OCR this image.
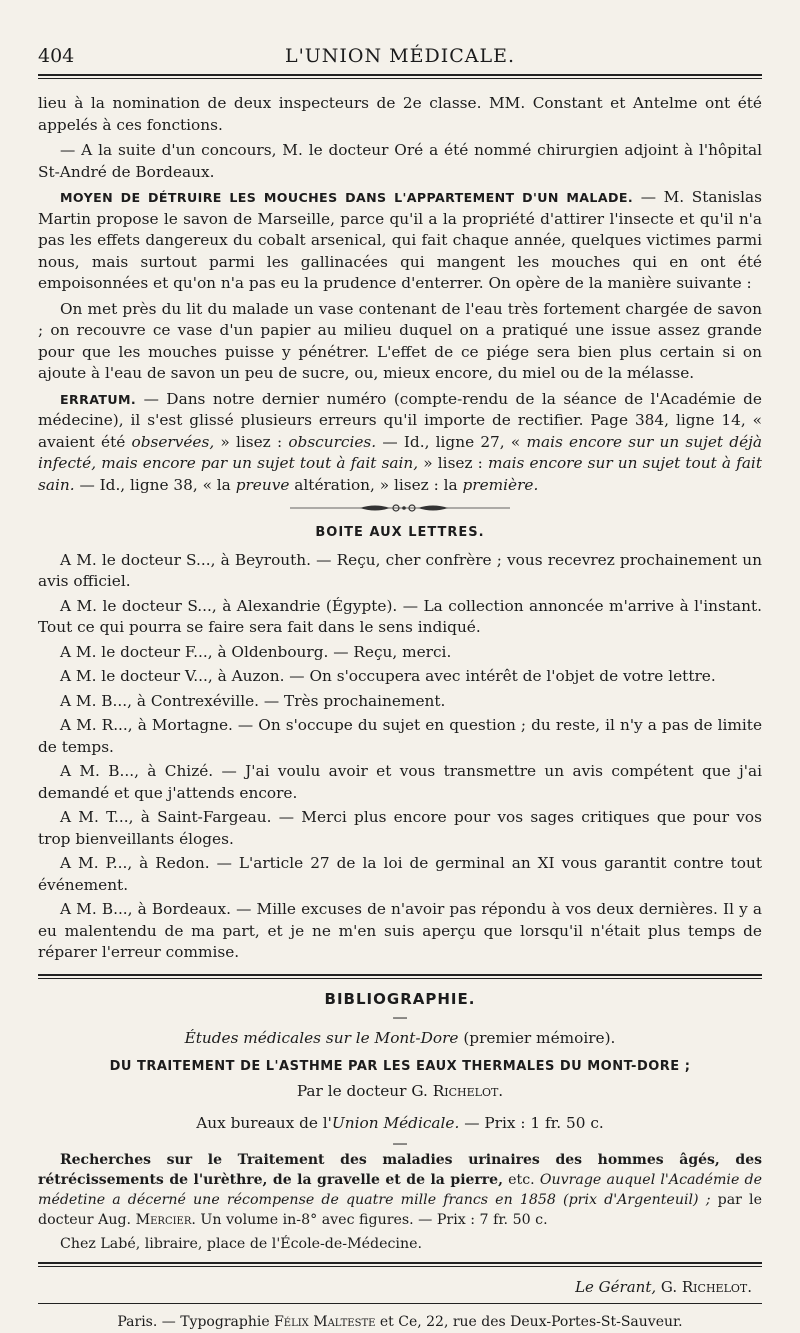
404	L'UNION MÉDICALE.

lieu à la nomination de deux inspecteurs de 2e classe. MM. Constant et Antelme ont été appelés à ces fonctions.

— A la suite d'un concours, M. le docteur Oré a été nommé chirurgien adjoint à l'hôpital St-André de Bordeaux.

MOYEN DE DÉTRUIRE LES MOUCHES DANS L'APPARTEMENT D'UN MALADE. — M. Stanislas Martin propose le savon de Marseille, parce qu'il a la propriété d'attirer l'insecte et qu'il n'a pas les effets dangereux du cobalt arsenical, qui fait chaque année, quelques victimes parmi nous, mais surtout parmi les gallinacées qui mangent les mouches qui en ont été empoisonnées et qu'on n'a pas eu la prudence d'enterrer. On opère de la manière suivante :

On met près du lit du malade un vase contenant de l'eau très fortement chargée de savon ; on recouvre ce vase d'un papier au milieu duquel on a pratiqué une issue assez grande pour que les mouches puisse y pénétrer. L'effet de ce piége sera bien plus certain si on ajoute à l'eau de savon un peu de sucre, ou, mieux encore, du miel ou de la mélasse.

ERRATUM. — Dans notre dernier numéro (compte-rendu de la séance de l'Académie de médecine), il s'est glissé plusieurs erreurs qu'il importe de rectifier. Page 384, ligne 14, « avaient été observées, » lisez : obscurcies. — Id., ligne 27, « mais encore sur un sujet déjà infecté, mais encore par un sujet tout à fait sain, » lisez : mais encore sur un sujet tout à fait sain. — Id., ligne 38, « la preuve altération, » lisez : la première.

BOITE AUX LETTRES.

A M. le docteur S..., à Beyrouth. — Reçu, cher confrère ; vous recevrez prochainement un avis officiel.

A M. le docteur S..., à Alexandrie (Égypte). — La collection annoncée m'arrive à l'instant. Tout ce qui pourra se faire sera fait dans le sens indiqué.

A M. le docteur F..., à Oldenbourg. — Reçu, merci.

A M. le docteur V..., à Auzon. — On s'occupera avec intérêt de l'objet de votre lettre.

A M. B..., à Contrexéville. — Très prochainement.

A M. R..., à Mortagne. — On s'occupe du sujet en question ; du reste, il n'y a pas de limite de temps.

A M. B..., à Chizé. — J'ai voulu avoir et vous transmettre un avis compétent que j'ai demandé et que j'attends encore.

A M. T..., à Saint-Fargeau. — Merci plus encore pour vos sages critiques que pour vos trop bienveillants éloges.

A M. P..., à Redon. — L'article 27 de la loi de germinal an XI vous garantit contre tout événement.

A M. B..., à Bordeaux. — Mille excuses de n'avoir pas répondu à vos deux dernières. Il y a eu malentendu de ma part, et je ne m'en suis aperçu que lorsqu'il n'était plus temps de réparer l'erreur commise.

BIBLIOGRAPHIE.
—
Études médicales sur le Mont-Dore (premier mémoire).
DU TRAITEMENT DE L'ASTHME PAR LES EAUX THERMALES DU MONT-DORE ;
Par le docteur G. Richelot.
Aux bureaux de l'Union Médicale. — Prix : 1 fr. 50 c.
—

Recherches sur le Traitement des maladies urinaires des hommes âgés, des rétrécissements de l'urèthre, de la gravelle et de la pierre, etc. Ouvrage auquel l'Académie de médetine a décerné une récompense de quatre mille francs en 1858 (prix d'Argenteuil) ; par le docteur Aug. Mercier. Un volume in-8° avec figures. — Prix : 7 fr. 50 c.

Chez Labé, libraire, place de l'École-de-Médecine.

Le Gérant, G. Richelot.
Paris. — Typographie Félix Malteste et Ce, 22, rue des Deux-Portes-St-Sauveur.
